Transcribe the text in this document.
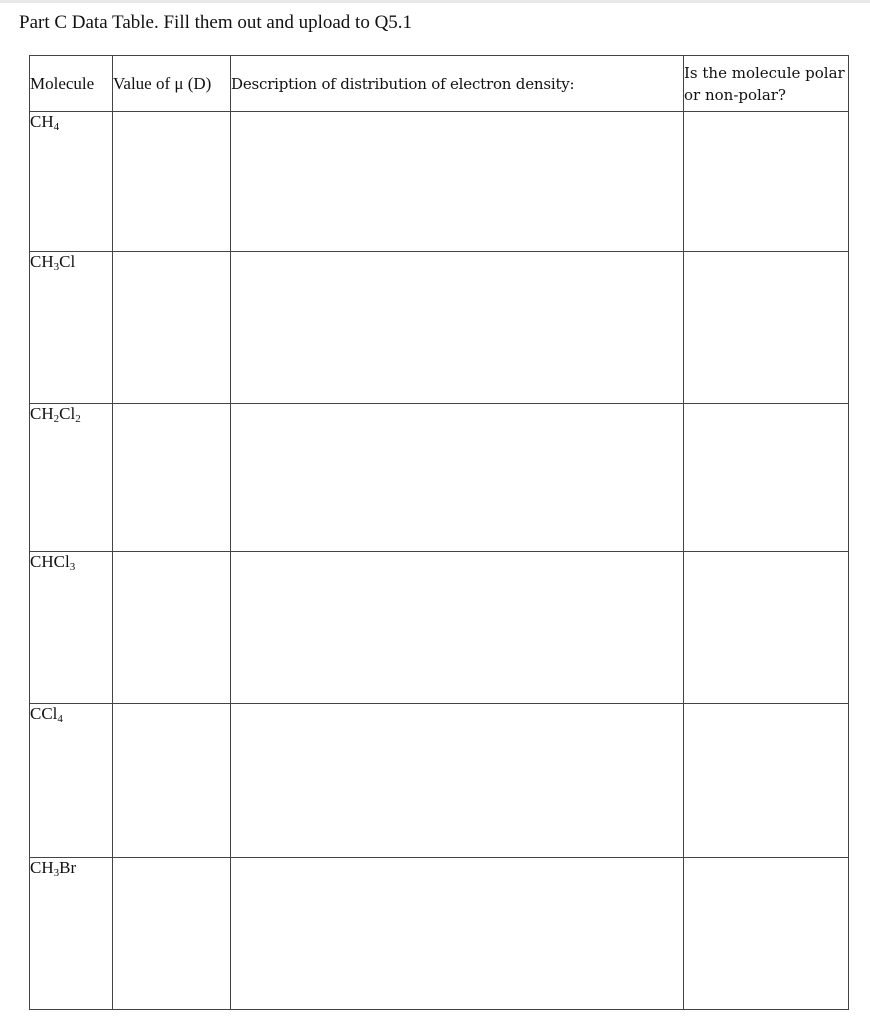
Part C Data Table. Fill them out and upload to Q5.1
Molecule	Value of μ (D)	Description of distribution of electron density:	Is the molecule polar or non-polar?

$CH_4$			
$CH_3Cl$			
$CH_2Cl_2$			
CHCl$_3$			
CCl$_4$			
$CH_3Br$			
